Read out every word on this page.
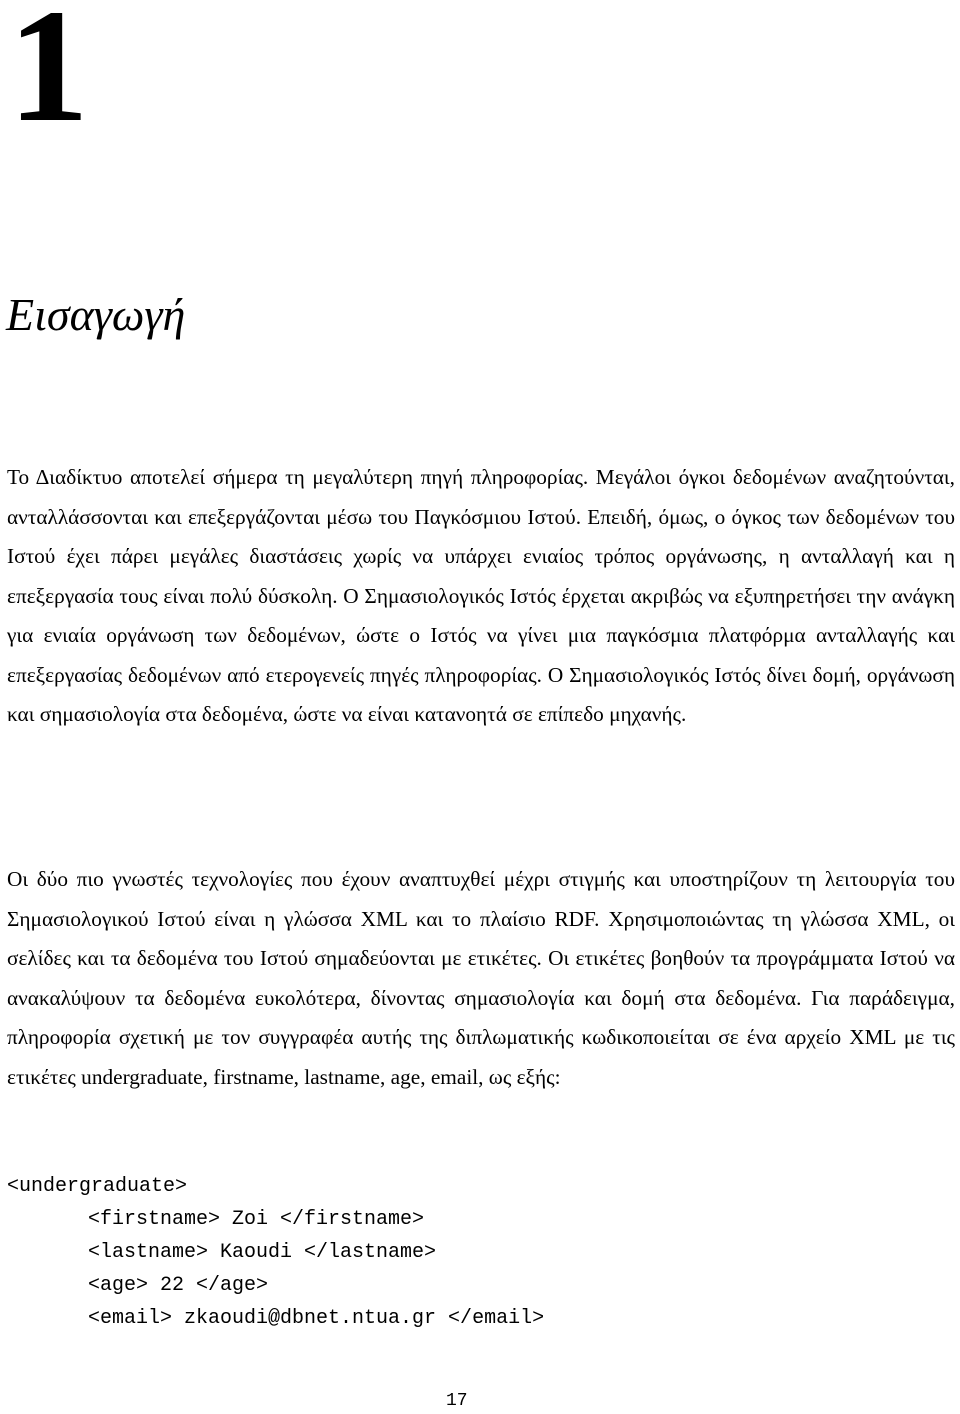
1
Εισαγωγή

Το Διαδίκτυο αποτελεί σήμερα τη μεγαλύτερη πηγή πληροφορίας. Μεγάλοι όγκοι δεδομένων αναζητούνται, ανταλλάσσονται και επεξεργάζονται μέσω του Παγκόσμιου Ιστού. Επειδή, όμως, ο όγκος των δεδομένων του Ιστού έχει πάρει μεγάλες διαστάσεις χωρίς να υπάρχει ενιαίος τρόπος οργάνωσης, η ανταλλαγή και η επεξεργασία τους είναι πολύ δύσκολη. Ο Σημασιολογικός Ιστός έρχεται ακριβώς να εξυπηρετήσει την ανάγκη για ενιαία οργάνωση των δεδομένων, ώστε ο Ιστός να γίνει μια παγκόσμια πλατφόρμα ανταλλαγής και επεξεργασίας δεδομένων από ετερογενείς πηγές πληροφορίας. Ο Σημασιολογικός Ιστός δίνει δομή, οργάνωση και σημασιολογία στα δεδομένα, ώστε να είναι κατανοητά σε επίπεδο μηχανής.

Οι δύο πιο γνωστές τεχνολογίες που έχουν αναπτυχθεί μέχρι στιγμής και υποστηρίζουν τη λειτουργία του Σημασιολογικού Ιστού είναι η γλώσσα XML και το πλαίσιο RDF. Χρησιμοποιώντας τη γλώσσα XML, οι σελίδες και τα δεδομένα του Ιστού σημαδεύονται με ετικέτες. Οι ετικέτες βοηθούν τα προγράμματα Ιστού να ανακαλύψουν τα δεδομένα ευκολότερα, δίνοντας σημασιολογία και δομή στα δεδομένα. Για παράδειγμα, πληροφορία σχετική με τον συγγραφέα αυτής της διπλωματικής κωδικοποιείται σε ένα αρχείο XML με τις ετικέτες undergraduate, firstname, lastname, age, email, ως εξής:

<undergraduate>
<firstname> Zoi </firstname>
<lastname> Kaoudi </lastname>
<age> 22 </age>
<email> zkaoudi@dbnet.ntua.gr </email>
17
